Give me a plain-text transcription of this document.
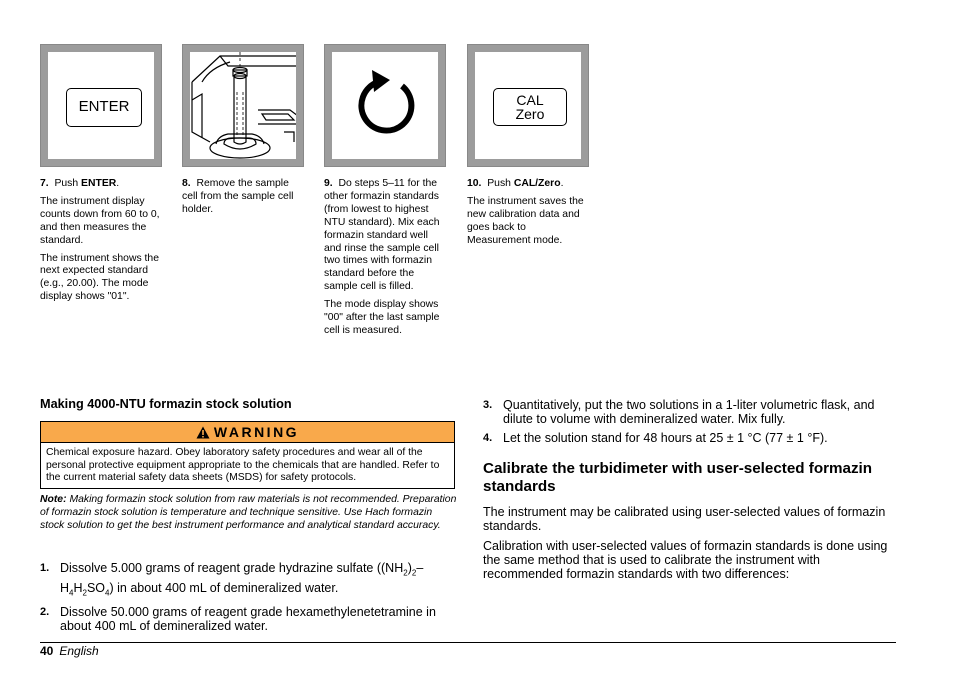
ENTER	CAL
Zero

7. Push ENTER.

The instrument display counts down from 60 to 0, and then measures the standard.

The instrument shows the next expected standard (e.g., 20.00). The mode display shows "01".

8. Remove the sample cell from the sample cell holder.

9. Do steps 5–11 for the other formazin standards (from lowest to highest NTU standard). Mix each formazin standard well and rinse the sample cell two times with formazin standard before the sample cell is filled.

The mode display shows "00" after the last sample cell is measured.

10. Push CAL/Zero.

The instrument saves the new calibration data and goes back to Measurement mode.

Making 4000-NTU formazin stock solution
WARNING
Chemical exposure hazard. Obey laboratory safety procedures and wear all of the personal protective equipment appropriate to the chemicals that are handled. Refer to the current material safety data sheets (MSDS) for safety protocols.
Note: Making formazin stock solution from raw materials is not recommended. Preparation of formazin stock solution is temperature and technique sensitive. Use Hach formazin stock solution to get the best instrument performance and analytical standard accuracy.
1. Dissolve 5.000 grams of reagent grade hydrazine sulfate $((NH_2)_2-H_4H_2SO_4)$ in about 400 mL of demineralized water.
2. Dissolve 50.000 grams of reagent grade hexamethylenetetramine in about 400 mL of demineralized water.
3. Quantitatively, put the two solutions in a 1-liter volumetric flask, and dilute to volume with demineralized water. Mix fully.
4. Let the solution stand for 48 hours at 25 ± 1 °C (77 ± 1 °F).
Calibrate the turbidimeter with user-selected formazin standards

The instrument may be calibrated using user-selected values of formazin standards.

Calibration with user-selected values of formazin standards is done using the same method that is used to calibrate the instrument with recommended formazin standards with two differences:

40 English
